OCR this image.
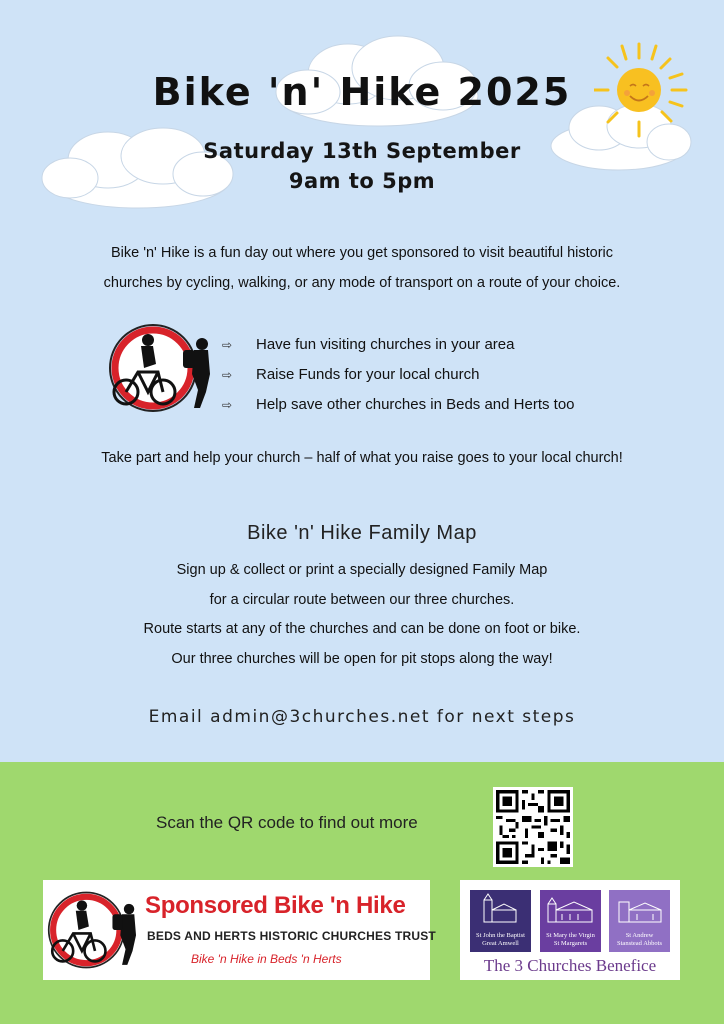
Bike 'n' Hike 2025
Saturday 13th September
9am to 5pm
Bike 'n' Hike is a fun day out where you get sponsored to visit beautiful historic
churches by cycling, walking, or any mode of transport on a route of your choice.
⇨	Have fun visiting churches in your area
⇨	Raise Funds for your local church
⇨	Help save other churches in Beds and Herts too
Take part and help your church – half of what you raise goes to your local church!
Bike 'n' Hike Family Map
Sign up & collect or print a specially designed Family Map
for a circular route between our three churches.
Route starts at any of the churches and can be done on foot or bike.
Our three churches will be open for pit stops along the way!
Email admin@3churches.net for next steps
Scan the QR code to find out more
Sponsored Bike 'n Hike
BEDS AND HERTS HISTORIC CHURCHES TRUST
Bike 'n Hike in Beds 'n Herts
St John the Baptist
Great Amwell
St Mary the Virgin
St Margarets
St Andrew
Stanstead Abbots
The 3 Churches Benefice
